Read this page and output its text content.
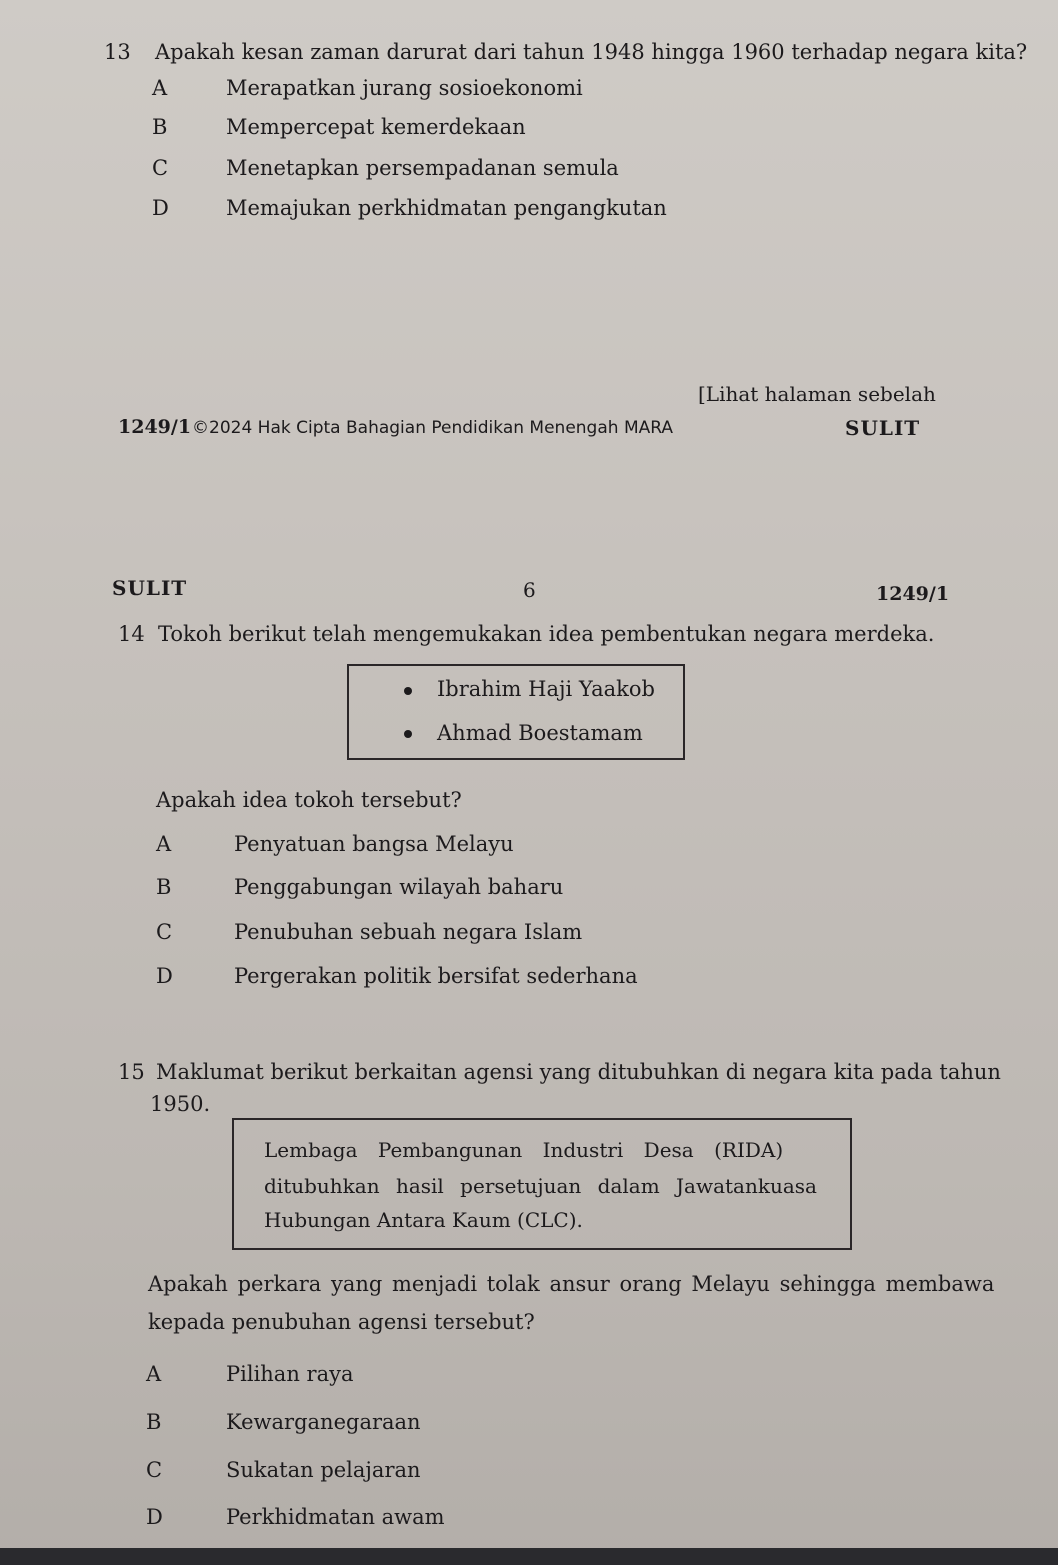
13 Apakah kesan zaman darurat dari tahun 1948 hingga 1960 terhadap negara kita?
A	Merapatkan jurang sosioekonomi
B	Mempercepat kemerdekaan
C	Menetapkan persempadanan semula
D	Memajukan perkhidmatan pengangkutan
[Lihat halaman sebelah
1249/1 ©2024 Hak Cipta Bahagian Pendidikan Menengah MARA	SULIT
SULIT	6	1249/1
14 Tokoh berikut telah mengemukakan idea pembentukan negara merdeka.
Ibrahim Haji Yaakob
Ahmad Boestamam
Apakah idea tokoh tersebut?
A	Penyatuan bangsa Melayu
B	Penggabungan wilayah baharu
C	Penubuhan sebuah negara Islam
D	Pergerakan politik bersifat sederhana
15 Maklumat berikut berkaitan agensi yang ditubuhkan di negara kita pada tahun
1950.
Lembaga Pembangunan Industri Desa (RIDA)
ditubuhkan hasil persetujuan dalam Jawatankuasa
Hubungan Antara Kaum (CLC).
Apakah perkara yang menjadi tolak ansur orang Melayu sehingga membawa
kepada penubuhan agensi tersebut?
A	Pilihan raya
B	Kewarganegaraan
C	Sukatan pelajaran
D	Perkhidmatan awam
